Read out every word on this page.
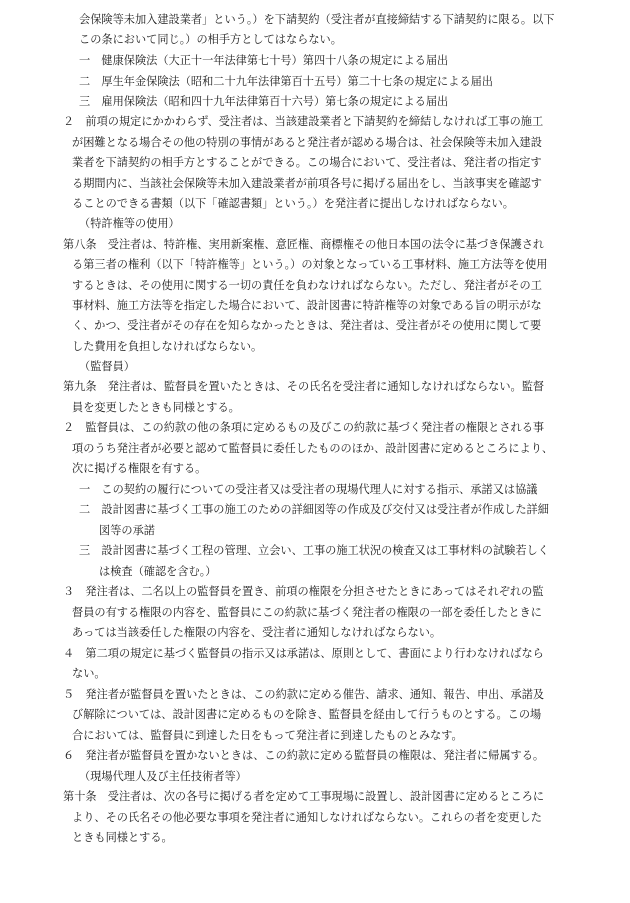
会保険等未加入建設業者」という。）を下請契約（受注者が直接締結する下請契約に限る。以下
この条において同じ。）の相手方としてはならない。
一　健康保険法（大正十一年法律第七十号）第四十八条の規定による届出
二　厚生年金保険法（昭和二十九年法律第百十五号）第二十七条の規定による届出
三　雇用保険法（昭和四十九年法律第百十六号）第七条の規定による届出
２　前項の規定にかかわらず、受注者は、当該建設業者と下請契約を締結しなければ工事の施工
が困難となる場合その他の特別の事情があると発注者が認める場合は、社会保険等未加入建設
業者を下請契約の相手方とすることができる。この場合において、受注者は、発注者の指定す
る期間内に、当該社会保険等未加入建設業者が前項各号に掲げる届出をし、当該事実を確認す
ることのできる書類（以下「確認書類」という。）を発注者に提出しなければならない。
（特許権等の使用）
第八条　受注者は、特許権、実用新案権、意匠権、商標権その他日本国の法令に基づき保護され
る第三者の権利（以下「特許権等」という。）の対象となっている工事材料、施工方法等を使用
するときは、その使用に関する一切の責任を負わなければならない。ただし、発注者がその工
事材料、施工方法等を指定した場合において、設計図書に特許権等の対象である旨の明示がな
く、かつ、受注者がその存在を知らなかったときは、発注者は、受注者がその使用に関して要
した費用を負担しなければならない。
（監督員）
第九条　発注者は、監督員を置いたときは、その氏名を受注者に通知しなければならない。監督
員を変更したときも同様とする。
２　監督員は、この約款の他の条項に定めるもの及びこの約款に基づく発注者の権限とされる事
項のうち発注者が必要と認めて監督員に委任したもののほか、設計図書に定めるところにより、
次に掲げる権限を有する。
一　この契約の履行についての受注者又は受注者の現場代理人に対する指示、承諾又は協議
二　設計図書に基づく工事の施工のための詳細図等の作成及び交付又は受注者が作成した詳細
図等の承諾
三　設計図書に基づく工程の管理、立会い、工事の施工状況の検査又は工事材料の試験若しく
は検査（確認を含む。）
３　発注者は、二名以上の監督員を置き、前項の権限を分担させたときにあってはそれぞれの監
督員の有する権限の内容を、監督員にこの約款に基づく発注者の権限の一部を委任したときに
あっては当該委任した権限の内容を、受注者に通知しなければならない。
４　第二項の規定に基づく監督員の指示又は承諾は、原則として、書面により行わなければなら
ない。
５　発注者が監督員を置いたときは、この約款に定める催告、請求、通知、報告、申出、承諾及
び解除については、設計図書に定めるものを除き、監督員を経由して行うものとする。この場
合においては、監督員に到達した日をもって発注者に到達したものとみなす。
６　発注者が監督員を置かないときは、この約款に定める監督員の権限は、発注者に帰属する。
（現場代理人及び主任技術者等）
第十条　受注者は、次の各号に掲げる者を定めて工事現場に設置し、設計図書に定めるところに
より、その氏名その他必要な事項を発注者に通知しなければならない。これらの者を変更した
ときも同様とする。
